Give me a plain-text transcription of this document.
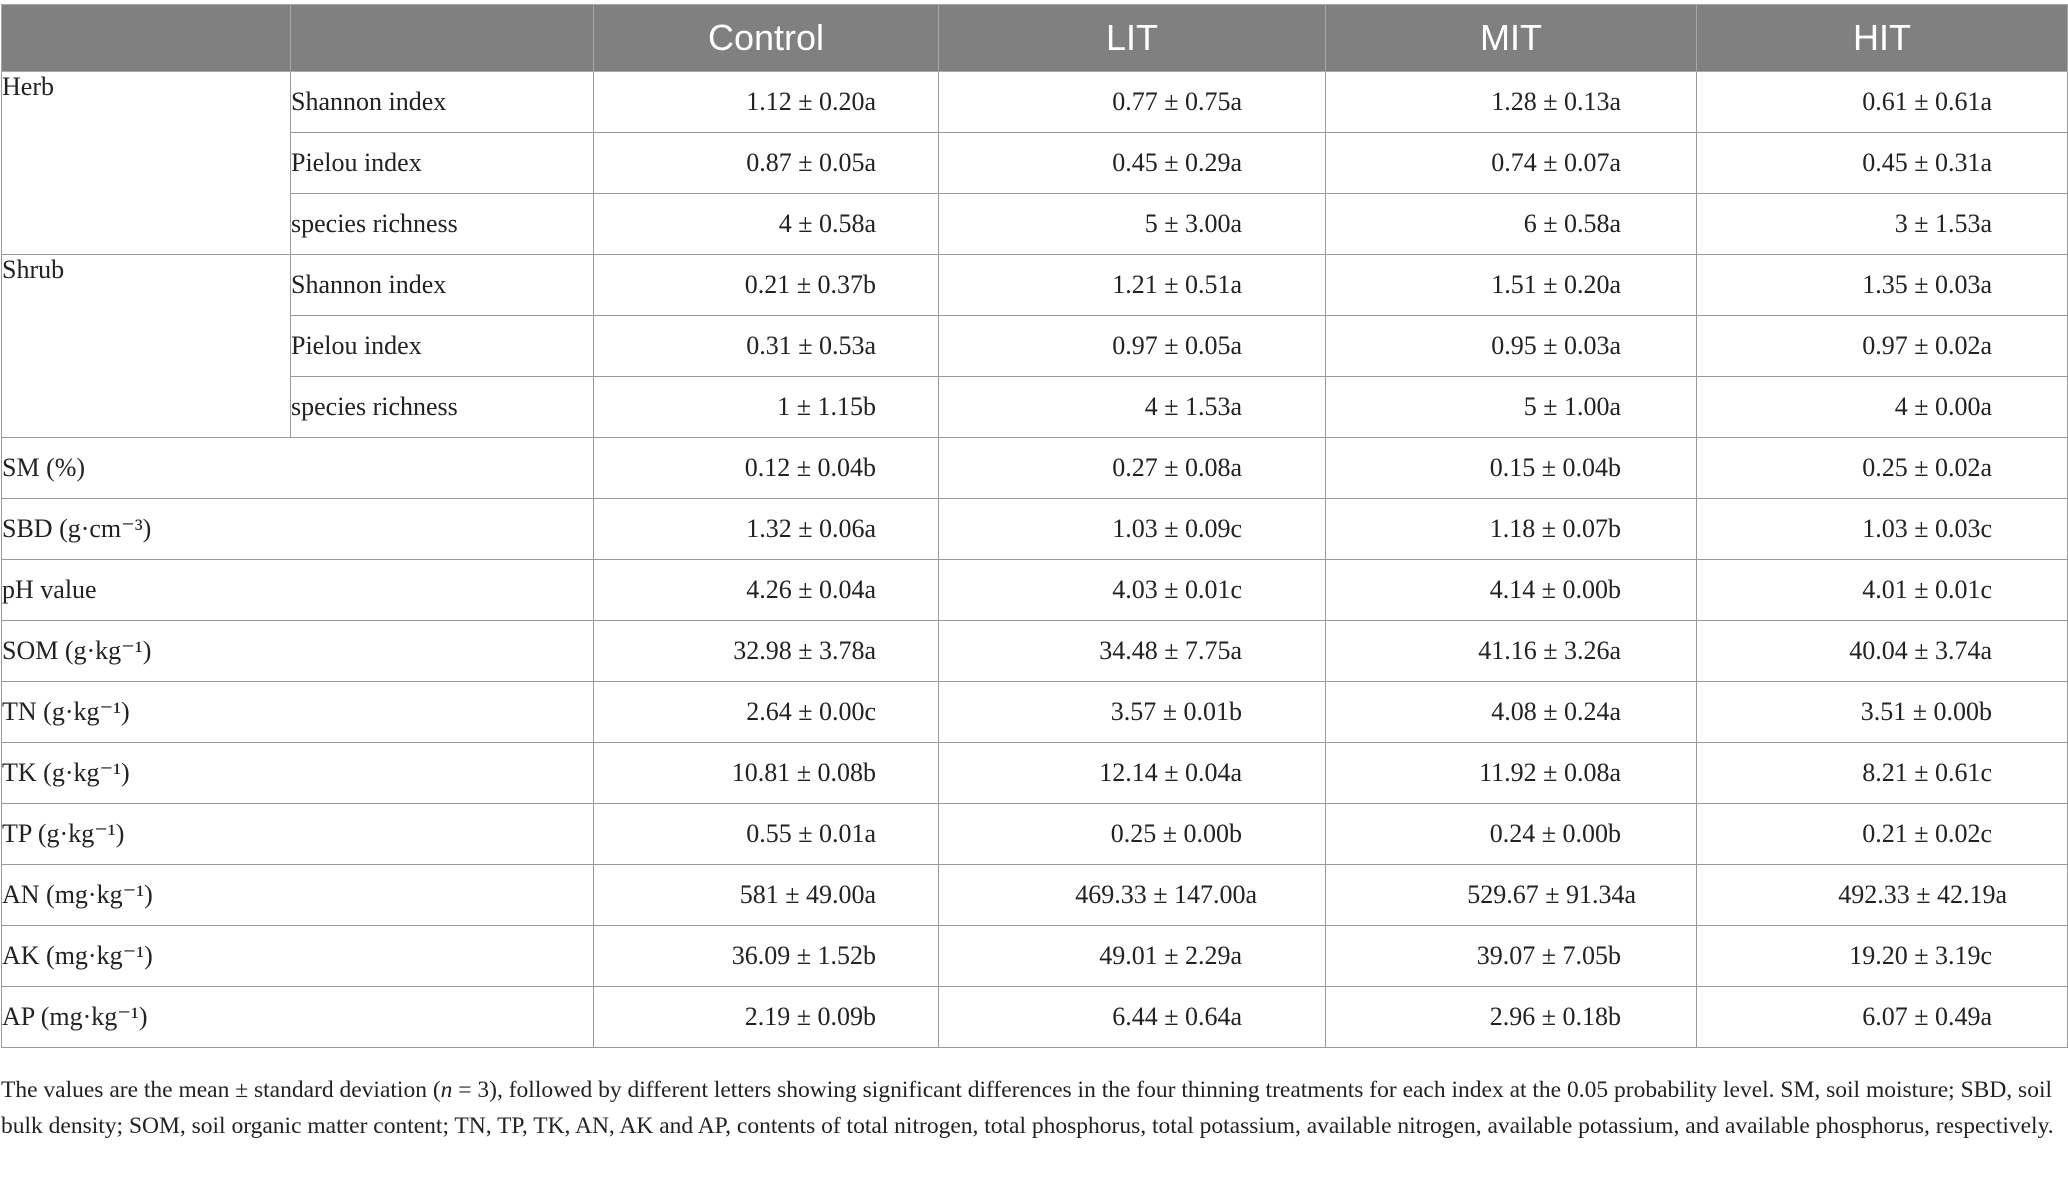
		Control	LIT	MIT	HIT
Herb	Shannon index	1.12 ± 0.20a	0.77 ± 0.75a	1.28 ± 0.13a	0.61 ± 0.61a
	Pielou index	0.87 ± 0.05a	0.45 ± 0.29a	0.74 ± 0.07a	0.45 ± 0.31a
	species richness	4 ± 0.58a	5 ± 3.00a	6 ± 0.58a	3 ± 1.53a
Shrub	Shannon index	0.21 ± 0.37b	1.21 ± 0.51a	1.51 ± 0.20a	1.35 ± 0.03a
	Pielou index	0.31 ± 0.53a	0.97 ± 0.05a	0.95 ± 0.03a	0.97 ± 0.02a
	species richness	1 ± 1.15b	4 ± 1.53a	5 ± 1.00a	4 ± 0.00a
SM (%)		0.12 ± 0.04b	0.27 ± 0.08a	0.15 ± 0.04b	0.25 ± 0.02a
SBD (g·cm⁻³)		1.32 ± 0.06a	1.03 ± 0.09c	1.18 ± 0.07b	1.03 ± 0.03c
pH value		4.26 ± 0.04a	4.03 ± 0.01c	4.14 ± 0.00b	4.01 ± 0.01c
SOM (g·kg⁻¹)		32.98 ± 3.78a	34.48 ± 7.75a	41.16 ± 3.26a	40.04 ± 3.74a
TN (g·kg⁻¹)		2.64 ± 0.00c	3.57 ± 0.01b	4.08 ± 0.24a	3.51 ± 0.00b
TK (g·kg⁻¹)		10.81 ± 0.08b	12.14 ± 0.04a	11.92 ± 0.08a	8.21 ± 0.61c
TP (g·kg⁻¹)		0.55 ± 0.01a	0.25 ± 0.00b	0.24 ± 0.00b	0.21 ± 0.02c
AN (mg·kg⁻¹)		581 ± 49.00a	469.33 ± 147.00a	529.67 ± 91.34a	492.33 ± 42.19a
AK (mg·kg⁻¹)		36.09 ± 1.52b	49.01 ± 2.29a	39.07 ± 7.05b	19.20 ± 3.19c
AP (mg·kg⁻¹)		2.19 ± 0.09b	6.44 ± 0.64a	2.96 ± 0.18b	6.07 ± 0.49a
The values are the mean ± standard deviation (n = 3), followed by different letters showing significant differences in the four thinning treatments for each index at the 0.05 probability level. SM, soil moisture; SBD, soil bulk density; SOM, soil organic matter content; TN, TP, TK, AN, AK and AP, contents of total nitrogen, total phosphorus, total potassium, available nitrogen, available potassium, and available phosphorus, respectively.
